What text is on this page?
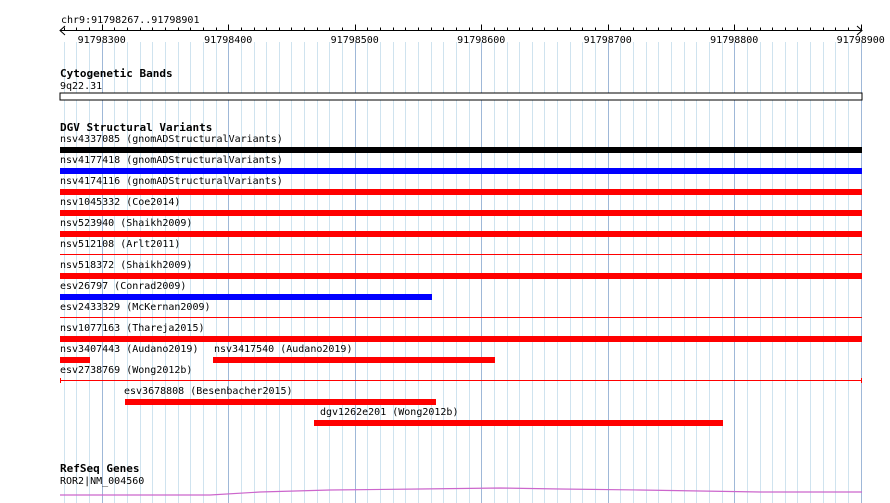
chr9:91798267..91798901
91798300	91798400	91798500	91798600	91798700	91798800	91798900
Cytogenetic Bands
9q22.31
DGV Structural Variants
nsv4337085 (gnomADStructuralVariants)
nsv4177418 (gnomADStructuralVariants)
nsv4174116 (gnomADStructuralVariants)
nsv1045332 (Coe2014)
nsv523940 (Shaikh2009)
nsv512108 (Arlt2011)
nsv518372 (Shaikh2009)
esv26797 (Conrad2009)
esv2433329 (McKernan2009)
nsv1077163 (Thareja2015)
nsv3407443 (Audano2019) nsv3417540 (Audano2019)
esv2738769 (Wong2012b)
esv3678808 (Besenbacher2015)
dgv1262e201 (Wong2012b)
RefSeq Genes
ROR2|NM_004560
